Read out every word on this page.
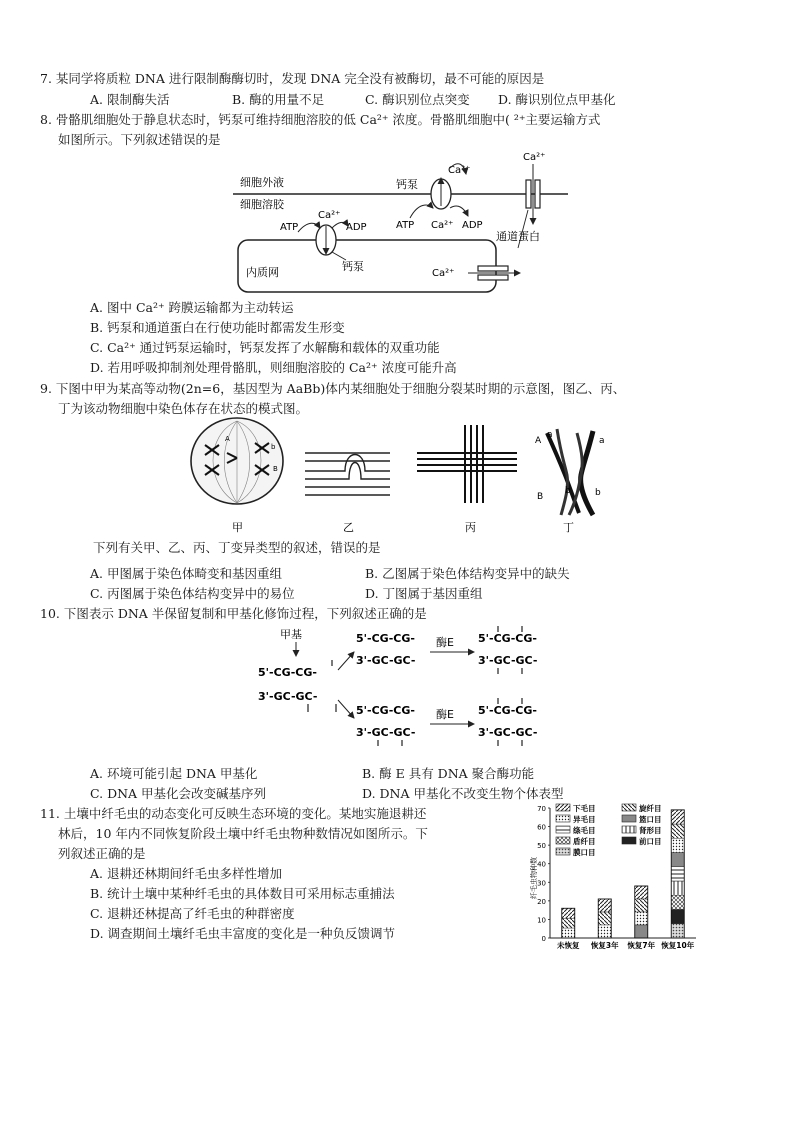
7. 某同学将质粒 DNA 进行限制酶酶切时，发现 DNA 完全没有被酶切，最不可能的原因是
A. 限制酶失活	B. 酶的用量不足	C. 酶识别位点突变 D. 酶识别位点甲基化
8. 骨骼肌细胞处于静息状态时，钙泵可维持细胞溶胶的低 Ca²⁺ 浓度。骨骼肌细胞中( ²⁺主要运输方式
如图所示。下列叙述错误的是
细胞外液
细胞溶胶
钙泵
ATP Ca²⁺ ADP
Ca²⁺
Ca²⁺
通道蛋白
内质网
ATP
Ca²⁺
ADP
钙泵
Ca²⁺
A. 图中 Ca²⁺ 跨膜运输都为主动转运
B. 钙泵和通道蛋白在行使功能时都需发生形变
C. Ca²⁺ 通过钙泵运输时，钙泵发挥了水解酶和载体的双重功能
D. 若用呼吸抑制剂处理骨骼肌，则细胞溶胶的 Ca²⁺ 浓度可能升高
9. 下图中甲为某高等动物(2n=6，基因型为 AaBb)体内某细胞处于细胞分裂某时期的示意图，图乙、丙、
丁为该动物细胞中染色体存在状态的模式图。
A
b
B
A
a
a
B	b
b
甲	乙	丙	丁
下列有关甲、乙、丙、丁变异类型的叙述，错误的是
A. 甲图属于染色体畸变和基因重组	B. 乙图属于染色体结构变异中的缺失
C. 丙图属于染色体结构变异中的易位	D. 丁图属于基因重组
10. 下图表示 DNA 半保留复制和甲基化修饰过程，下列叙述正确的是
甲基
5'-CG-CG-
3'-GC-GC-
5'-CG-CG-
3'-GC-GC-
酶E 5'-CG-CG-
3'-GC-GC-
5'-CG-CG-
3'-GC-GC-
酶E 5'-CG-CG-
3'-GC-GC-
A. 环境可能引起 DNA 甲基化	B. 酶 E 具有 DNA 聚合酶功能
C. DNA 甲基化会改变碱基序列	D. DNA 甲基化不改变生物个体表型
11. 土壤中纤毛虫的动态变化可反映生态环境的变化。某地实施退耕还
林后，10 年内不同恢复阶段土壤中纤毛虫物种数情况如图所示。下
列叙述正确的是
A. 退耕还林期间纤毛虫多样性增加
B. 统计土壤中某种纤毛虫的具体数目可采用标志重捕法
C. 退耕还林提高了纤毛虫的种群密度
D. 调查期间土壤纤毛虫丰富度的变化是一种负反馈调节	0
10
20
30
40
50
60
70
纤毛虫物种数
未恢复 恢复3年 恢复7年 恢复10年
下毛目	旋纤目
异毛目	篮口目
绦毛目	肾形目
盾纤目	前口目
膜口目
